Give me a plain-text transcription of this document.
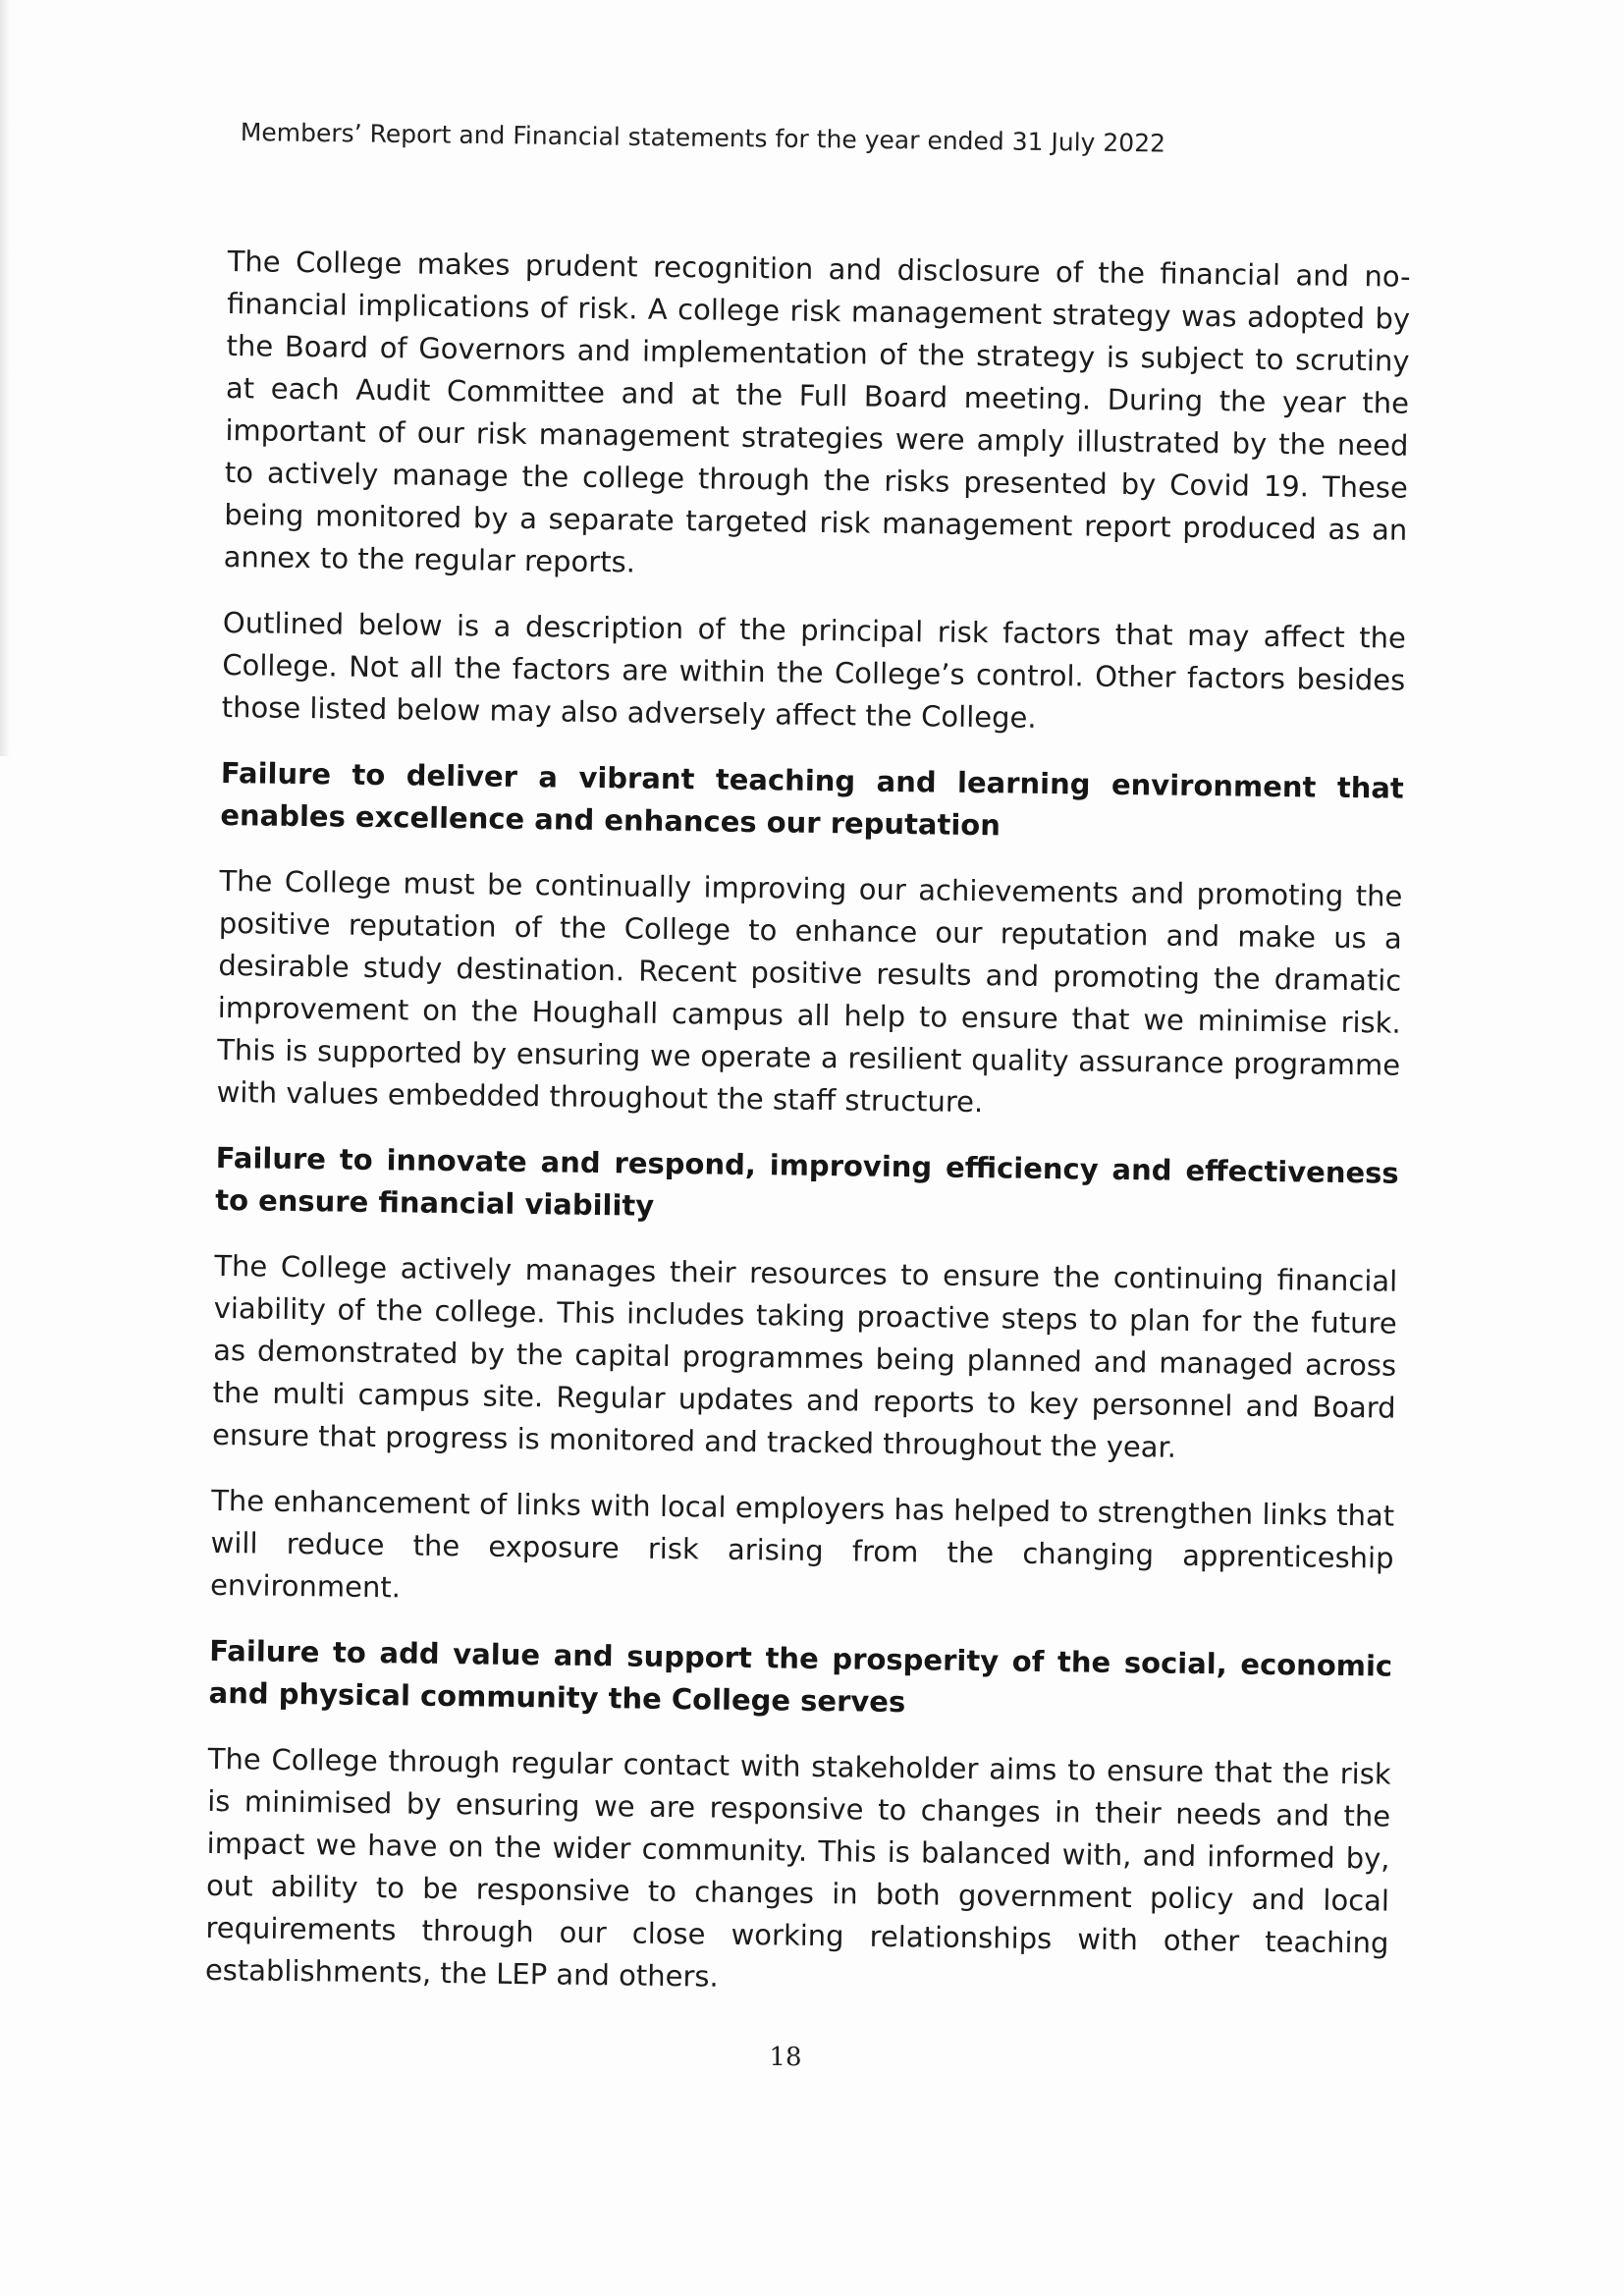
Members’ Report and Financial statements for the year ended 31 July 2022

The College makes prudent recognition and disclosure of the financial and no-financial implications of risk. A college risk management strategy was adopted by the Board of Governors and implementation of the strategy is subject to scrutiny at each Audit Committee and at the Full Board meeting. During the year the important of our risk management strategies were amply illustrated by the need to actively manage the college through the risks presented by Covid 19. These being monitored by a separate targeted risk management report produced as an annex to the regular reports.

Outlined below is a description of the principal risk factors that may affect the College. Not all the factors are within the College’s control. Other factors besides those listed below may also adversely affect the College.

Failure to deliver a vibrant teaching and learning environment that enables excellence and enhances our reputation

The College must be continually improving our achievements and promoting the positive reputation of the College to enhance our reputation and make us a desirable study destination. Recent positive results and promoting the dramatic improvement on the Houghall campus all help to ensure that we minimise risk. This is supported by ensuring we operate a resilient quality assurance programme with values embedded throughout the staff structure.

Failure to innovate and respond, improving efficiency and effectiveness to ensure financial viability

The College actively manages their resources to ensure the continuing financial viability of the college. This includes taking proactive steps to plan for the future as demonstrated by the capital programmes being planned and managed across the multi campus site. Regular updates and reports to key personnel and Board ensure that progress is monitored and tracked throughout the year.

The enhancement of links with local employers has helped to strengthen links that will reduce the exposure risk arising from the changing apprenticeship environment.

Failure to add value and support the prosperity of the social, economic and physical community the College serves

The College through regular contact with stakeholder aims to ensure that the risk is minimised by ensuring we are responsive to changes in their needs and the impact we have on the wider community. This is balanced with, and informed by, out ability to be responsive to changes in both government policy and local requirements through our close working relationships with other teaching establishments, the LEP and others.

18
